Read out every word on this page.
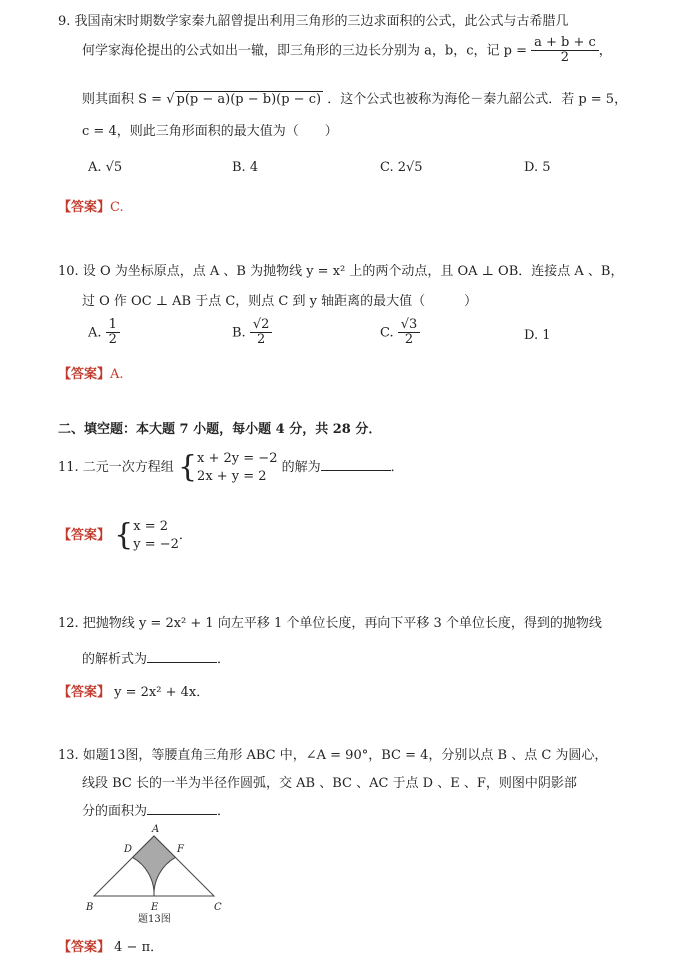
9. 我国南宋时期数学家秦九韶曾提出利用三角形的三边求面积的公式，此公式与古希腊几
何学家海伦提出的公式如出一辙，即三角形的三边长分别为 a，b，c，记 $p = \frac{a + b + c}{2}$ ，
则其面积 S = √ p(p − a)(p − b)(p − c) ．这个公式也被称为海伦－秦九韶公式．若 p = 5，
c = 4，则此三角形面积的最大值为（　　）
A. √5	B. 4	C. 2√5	D. 5
【答案】C.
10. 设 O 为坐标原点，点 A 、B 为抛物线 y = x² 上的两个动点，且 OA ⊥ OB．连接点 A 、B，
过 O 作 OC ⊥ AB 于点 C，则点 C 到 y 轴距离的最大值（　　　）
A. $\frac{1}{2}$	B. $\frac{√2}{2}$	C. $\frac{√3}{2}$	D. 1
【答案】A.
二、填空题：本大题 7 小题，每小题 4 分，共 28 分．
11. 二元一次方程组 { x + 2y = −2
2x + y = 2
的解为	．
【答案】 { x = 2
y = −2
．
12. 把抛物线 y = 2x² + 1 向左平移 1 个单位长度，再向下平移 3 个单位长度，得到的抛物线
的解析式为	．
【答案】 y = 2x² + 4x．
13. 如题13图，等腰直角三角形 ABC 中，∠A = 90°，BC = 4，分别以点 B 、点 C 为圆心，
线段 BC 长的一半为半径作圆弧，交 AB 、BC 、AC 于点 D 、E 、F，则图中阴影部
分的面积为	．
A
D	F
B	E	C
题13图
【答案】 4 − π．
